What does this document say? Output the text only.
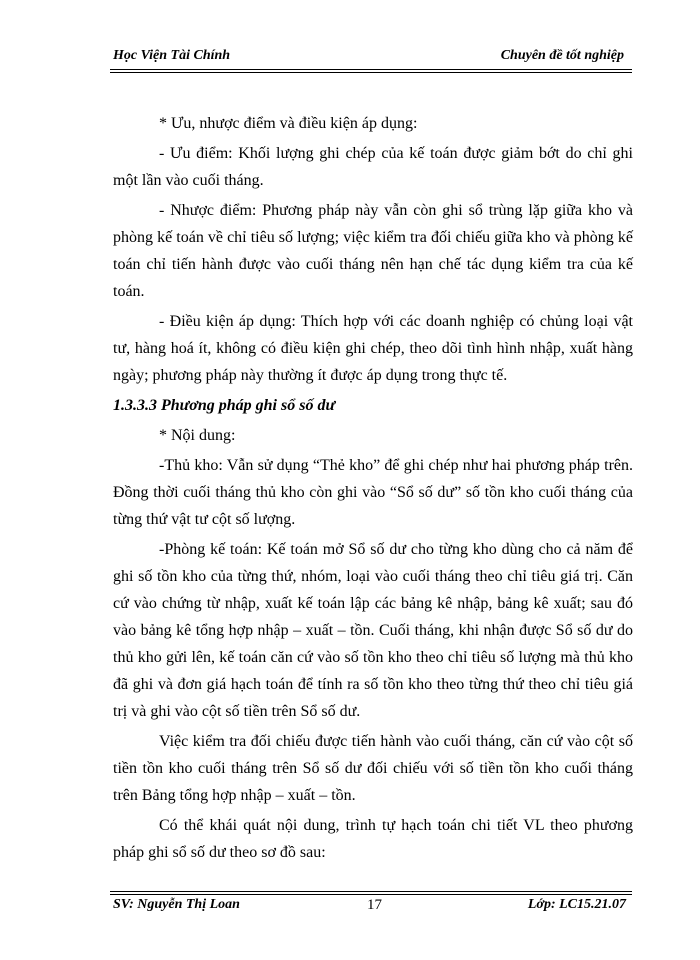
Học Viện Tài Chính	Chuyên đề tốt nghiệp

* Ưu, nhược điểm và điều kiện áp dụng:

- Ưu điểm: Khối lượng ghi chép của kế toán được giảm bớt do chỉ ghi một lần vào cuối tháng.

- Nhược điểm: Phương pháp này vẫn còn ghi sổ trùng lặp giữa kho và phòng kế toán về chỉ tiêu số lượng; việc kiểm tra đối chiếu giữa kho và phòng kế toán chỉ tiến hành được vào cuối tháng nên hạn chế tác dụng kiểm tra của kế toán.

- Điều kiện áp dụng: Thích hợp với các doanh nghiệp có chủng loại vật tư, hàng hoá ít, không có điều kiện ghi chép, theo dõi tình hình nhập, xuất hàng ngày; phương pháp này thường ít được áp dụng trong thực tế.

1.3.3.3 Phương pháp ghi sổ số dư

* Nội dung:

-Thủ kho: Vẫn sử dụng “Thẻ kho” để ghi chép như hai phương pháp trên. Đồng thời cuối tháng thủ kho còn ghi vào “Sổ số dư” số tồn kho cuối tháng của từng thứ vật tư cột số lượng.

-Phòng kế toán: Kế toán mở Sổ số dư cho từng kho dùng cho cả năm để ghi số tồn kho của từng thứ, nhóm, loại vào cuối tháng theo chỉ tiêu giá trị. Căn cứ vào chứng từ nhập, xuất kế toán lập các bảng kê nhập, bảng kê xuất; sau đó vào bảng kê tổng hợp nhập – xuất – tồn. Cuối tháng, khi nhận được Sổ số dư do thủ kho gửi lên, kế toán căn cứ vào số tồn kho theo chỉ tiêu số lượng mà thủ kho đã ghi và đơn giá hạch toán để tính ra số tồn kho theo từng thứ theo chỉ tiêu giá trị và ghi vào cột số tiền trên Sổ số dư.

Việc kiểm tra đối chiếu được tiến hành vào cuối tháng, căn cứ vào cột số tiền tồn kho cuối tháng trên Sổ số dư đối chiếu với số tiền tồn kho cuối tháng trên Bảng tổng hợp nhập – xuất – tồn.

Có thể khái quát nội dung, trình tự hạch toán chi tiết VL theo phương pháp ghi sổ số dư theo sơ đồ sau:

SV: Nguyễn Thị Loan	17	Lớp: LC15.21.07
